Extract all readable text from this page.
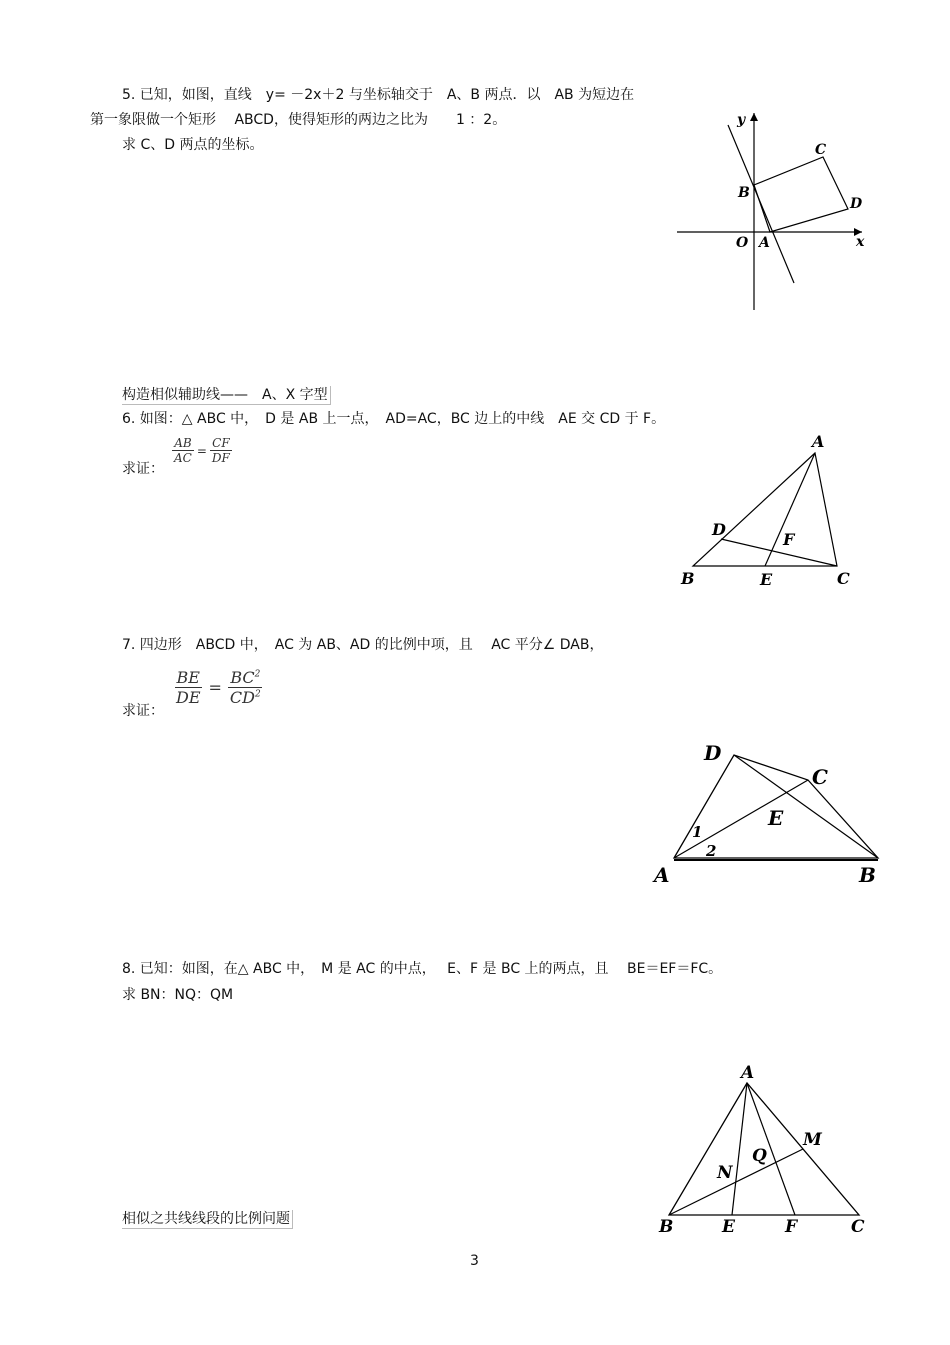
5. 已知，如图，直线　y= －2x＋2 与坐标轴交于　A、B 两点．以　AB 为短边在
第一象限做一个矩形　 ABCD，使得矩形的两边之比为　　1 ：2。
求 C、D 两点的坐标。
y
x
O A
B
C
D
构造相似辅助线——　A、X 字型
6. 如图：△ ABC 中，　D 是 AB 上一点，　AD=AC，BC 边上的中线　AE 交 CD 于 F。
求证：
$\frac{AB}{AC} = \frac{CF}{DF}$	A
B	C
D
E
F
7. 四边形　ABCD 中，　AC 为 AB、AD 的比例中项，且　 AC 平分∠ DAB，
求证：
$\frac{BE}{DE} = \frac{BC^2}{CD^2}$
A	B
C
D
E
1
2
8. 已知：如图，在△ ABC 中，　M 是 AC 的中点，　 E、F 是 BC 上的两点，且　 BE＝EF＝FC。
求 BN：NQ：QM
A
B	C
E	F
M
N
Q
相似之共线线段的比例问题
3
